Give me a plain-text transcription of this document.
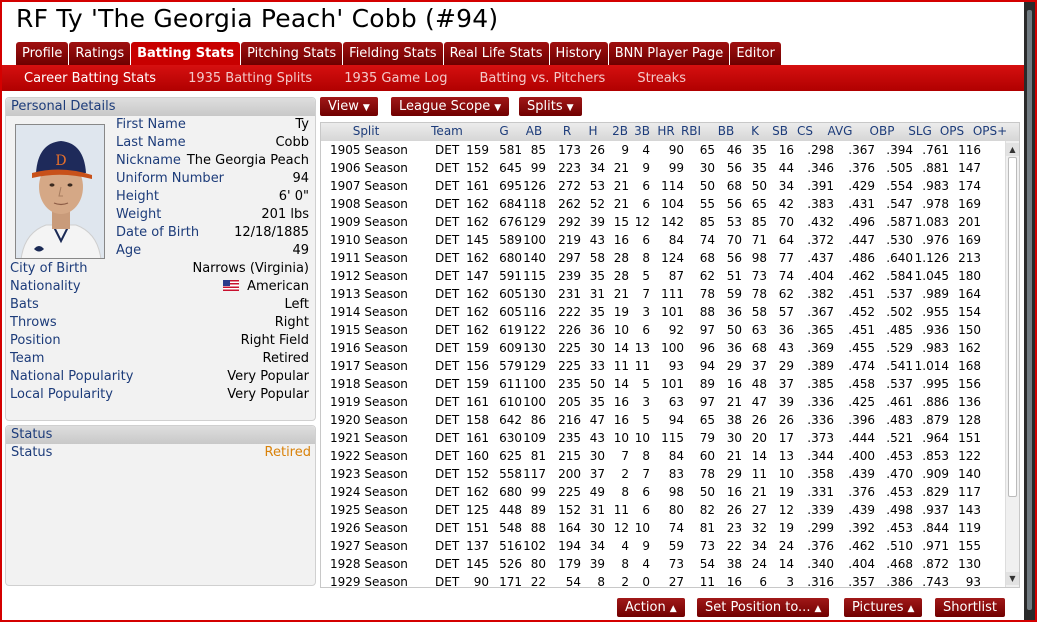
RF Ty 'The Georgia Peach' Cobb (#94)
Profile	Ratings	Batting Stats	Pitching Stats	Fielding Stats	Real Life Stats	History	BNN Player Page	Editor
Career Batting Stats	1935 Batting Splits	1935 Game Log	Batting vs. Pitchers	Streaks
Personal Details
D
First Name	Ty
Last Name	Cobb
Nickname The Georgia Peach
Uniform Number	94
Height	6' 0"
Weight	201 lbs
Date of Birth	12/18/1885
Age	49
City of Birth	Narrows (Virginia)
Nationality	American
Bats	Left
Throws	Right
Position	Right Field
Team	Retired
National Popularity	Very Popular
Local Popularity	Very Popular
Status
Status	Retired
View ▼	League Scope ▼	Splits ▼
Split	Team	G AB R H 2B 3B HR RBI BB K SB CS AVG OBP SLG OPS OPS+
1905 Season DET 159 581 85 173 26 9 4 90 65 46 35 16 .298 .367 .394 .761 116
1906 Season DET 152 645 99 223 34 21 9 99 30 56 35 44 .346 .376 .505 .881 147
1907 Season DET 161 695 126 272 53 21 6 114 50 68 50 34 .391 .429 .554 .983 174
1908 Season DET 162 684 118 262 52 21 6 104 55 56 65 42 .383 .431 .547 .978 169
1909 Season DET 162 676 129 292 39 15 12 142 85 53 85 70 .432 .496 .587 1.083 201
1910 Season DET 145 589 100 219 43 16 6 84 74 70 71 64 .372 .447 .530 .976 169
1911 Season DET 162 680 140 297 58 28 8 124 68 56 98 77 .437 .486 .640 1.126 213
1912 Season DET 147 591 115 239 35 28 5 87 62 51 73 74 .404 .462 .584 1.045 180
1913 Season DET 162 605 130 231 31 21 7 111 78 59 78 62 .382 .451 .537 .989 164
1914 Season DET 162 605 116 222 35 19 3 101 88 36 58 57 .367 .452 .502 .955 154
1915 Season DET 162 619 122 226 36 10 6 92 97 50 63 36 .365 .451 .485 .936 150
1916 Season DET 159 609 130 225 30 14 13 100 96 36 68 43 .369 .455 .529 .983 162
1917 Season DET 156 579 129 225 33 11 11 93 94 29 37 29 .389 .474 .541 1.014 168
1918 Season DET 159 611 100 235 50 14 5 101 89 16 48 37 .385 .458 .537 .995 156
1919 Season DET 161 610 100 205 35 16 3 63 97 21 47 39 .336 .425 .461 .886 136
1920 Season DET 158 642 86 216 47 16 5 94 65 38 26 26 .336 .396 .483 .879 128
1921 Season DET 161 630 109 235 43 10 10 115 79 30 20 17 .373 .444 .521 .964 151
1922 Season DET 160 625 81 215 30 7 8 84 60 21 14 13 .344 .400 .453 .853 122
1923 Season DET 152 558 117 200 37 2 7 83 78 29 11 10 .358 .439 .470 .909 140
1924 Season DET 162 680 99 225 49 8 6 98 50 16 21 19 .331 .376 .453 .829 117
1925 Season DET 125 448 89 152 31 11 6 80 82 26 27 12 .339 .439 .498 .937 143
1926 Season DET 151 548 88 164 30 12 10 74 81 23 32 19 .299 .392 .453 .844 119
1927 Season DET 137 516 102 194 34 4 9 59 73 22 34 24 .376 .462 .510 .971 155
1928 Season DET 145 526 80 179 39 8 4 73 54 38 24 14 .340 .404 .468 .872 130
1929 Season DET 90 171 22 54 8 2 0 27 11 16 6 3 .316 .357 .386 .743 93
▲
▼
Action ▲	Set Position to... ▲	Pictures ▲	Shortlist
